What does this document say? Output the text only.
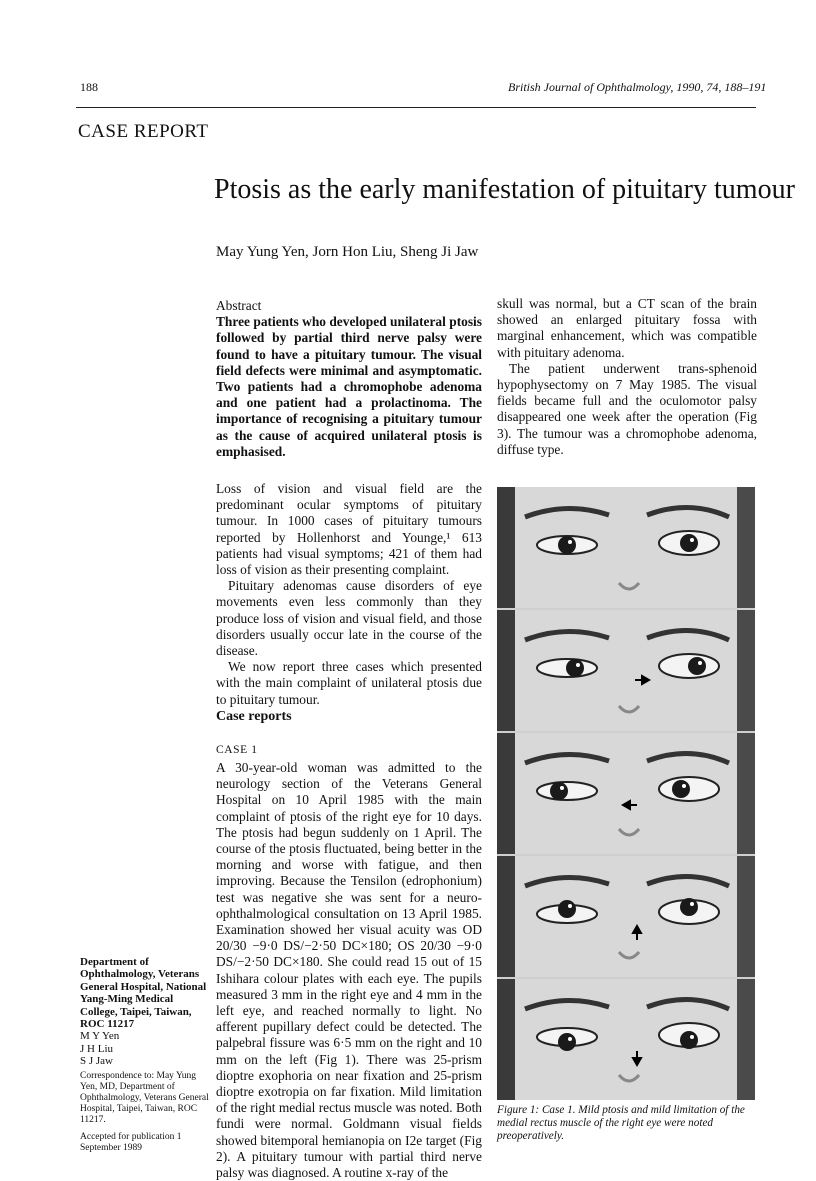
188	British Journal of Ophthalmology, 1990, 74, 188–191
CASE REPORT
Ptosis as the early manifestation of pituitary tumour
May Yung Yen, Jorn Hon Liu, Sheng Ji Jaw
Abstract
Three patients who developed unilateral ptosis followed by partial third nerve palsy were found to have a pituitary tumour. The visual field defects were minimal and asymptomatic. Two patients had a chromophobe adenoma and one patient had a prolactinoma. The importance of recognising a pituitary tumour as the cause of acquired unilateral ptosis is emphasised.

Loss of vision and visual field are the predominant ocular symptoms of pituitary tumour. In 1000 cases of pituitary tumours reported by Hollenhorst and Younge,¹ 613 patients had visual symptoms; 421 of them had loss of vision as their presenting complaint.

Pituitary adenomas cause disorders of eye movements even less commonly than they produce loss of vision and visual field, and those disorders usually occur late in the course of the disease.

We now report three cases which presented with the main complaint of unilateral ptosis due to pituitary tumour.

Case reports
CASE 1
A 30-year-old woman was admitted to the neurology section of the Veterans General Hospital on 10 April 1985 with the main complaint of ptosis of the right eye for 10 days. The ptosis had begun suddenly on 1 April. The course of the ptosis fluctuated, being better in the morning and worse with fatigue, and then improving. Because the Tensilon (edrophonium) test was negative she was sent for a neuro-ophthalmological consultation on 13 April 1985. Examination showed her visual acuity was OD 20/30 −9·0 DS/−2·50 DC×180; OS 20/30 −9·0 DS/−2·50 DC×180. She could read 15 out of 15 Ishihara colour plates with each eye. The pupils measured 3 mm in the right eye and 4 mm in the left eye, and reached normally to light. No afferent pupillary defect could be detected. The palpebral fissure was 6·5 mm on the right and 10 mm on the left (Fig 1). There was 25-prism dioptre exophoria on near fixation and 25-prism dioptre exotropia on far fixation. Mild limitation of the right medial rectus muscle was noted. Both fundi were normal. Goldmann visual fields showed bitemporal hemianopia on I2e target (Fig 2). A pituitary tumour with partial third nerve palsy was diagnosed. A routine x-ray of the

skull was normal, but a CT scan of the brain showed an enlarged pituitary fossa with marginal enhancement, which was compatible with pituitary adenoma.

The patient underwent trans-sphenoid hypophysectomy on 7 May 1985. The visual fields became full and the oculomotor palsy disappeared one week after the operation (Fig 3). The tumour was a chromophobe adenoma, diffuse type.

Department of Ophthalmology, Veterans General Hospital, National Yang-Ming Medical College, Taipei, Taiwan, ROC 11217
M Y Yen
J H Liu
S J Jaw
Correspondence to: May Yung Yen, MD, Department of Ophthalmology, Veterans General Hospital, Taipei, Taiwan, ROC 11217.
Accepted for publication 1 September 1989
Figure 1: Case 1. Mild ptosis and mild limitation of the medial rectus muscle of the right eye were noted preoperatively.
